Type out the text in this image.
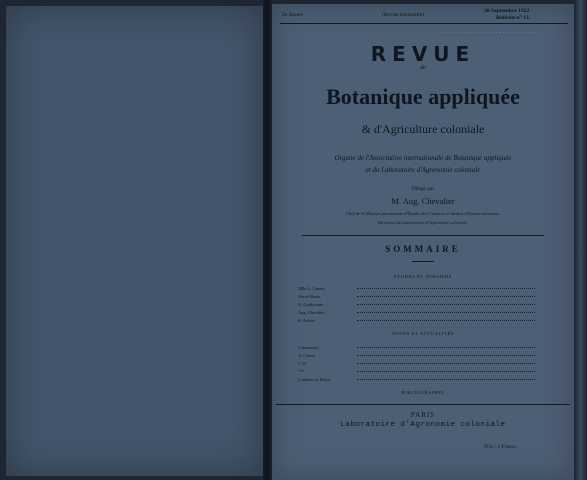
2e Année	(Revue mensuelle)
30 Septembre 1922
Bulletin n° 13.
...........................
REVUE
de
Botanique appliquée
& d'Agriculture coloniale
Organe de l'Association internationale de Botanique appliquée
et du Laboratoire d'Agronomie coloniale
Dirigé par
M. Aug. Chevalier
Chef de la Mission permanente d'Études des Cultures et Jardins d'Essais coloniaux,
Directeur du Laboratoire d'Agronomie coloniale.
SOMMAIRE
ÉTUDES ET DOSSIERS
Mlle A. Camus
Hervé-Bazin
A. Guillaumin
Aug. Chevalier
R. Aubert
NOTES ET ACTUALITÉS
Laboratoire
A. Cabrol
C. B.
***
Loukhter et Perrot
BIBLIOGRAPHIE
PARIS
Laboratoire d'Agronomie coloniale
Prix : 2 Francs.
